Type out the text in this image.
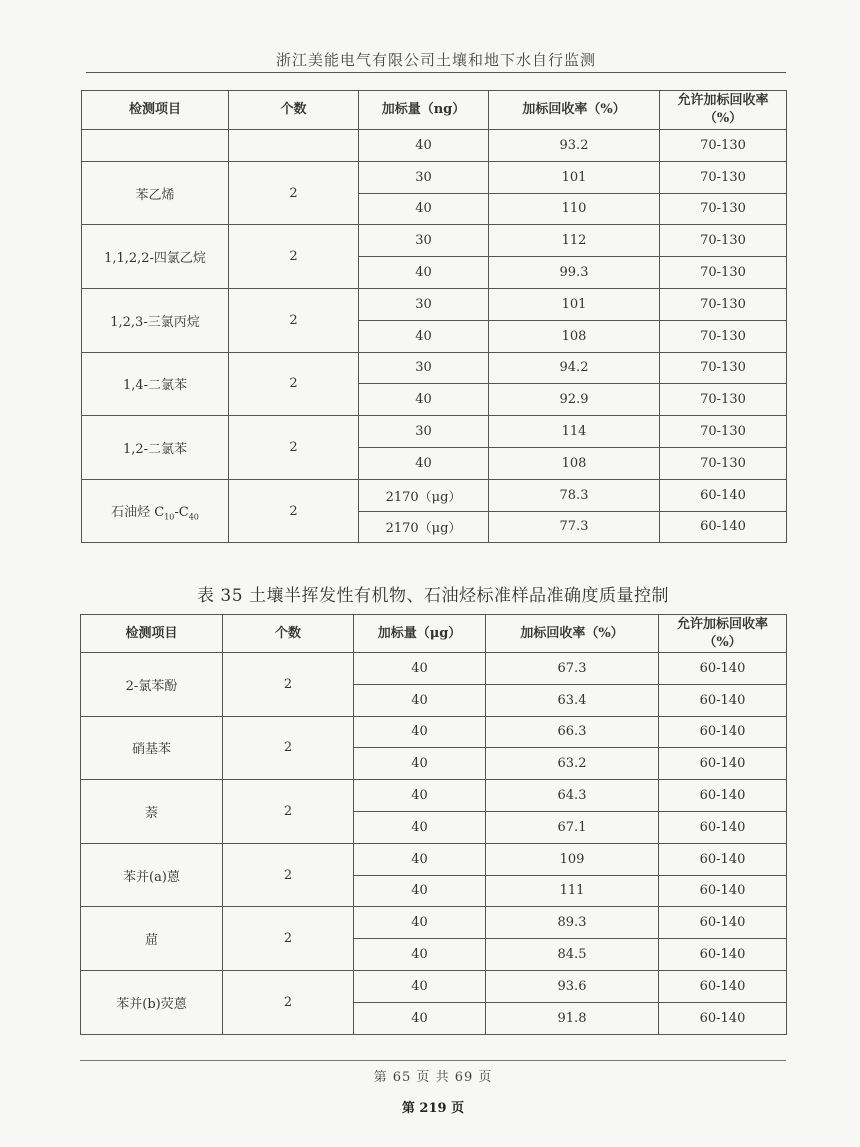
浙江美能电气有限公司土壤和地下水自行监测
检测项目	个数	加标量（ng）	加标回收率（%）	允许加标回收率
（%）

		40	93.2	70-130
苯乙烯	2	30	101	70-130
		40	110	70-130
1,1,2,2-四氯乙烷	2	30	112	70-130
		40	99.3	70-130
1,2,3-三氯丙烷	2	30	101	70-130
		40	108	70-130
1,4-二氯苯	2	30	94.2	70-130
		40	92.9	70-130
1,2-二氯苯	2	30	114	70-130
		40	108	70-130
石油烃 $C_{10}-C_{40}$	2	2170（μg）	78.3	60-140
		2170（μg）	77.3	60-140
表 35 土壤半挥发性有机物、石油烃标准样品准确度质量控制
检测项目	个数	加标量（μg）	加标回收率（%）	允许加标回收率
（%）

2-氯苯酚	2	40	67.3	60-140
		40	63.4	60-140
硝基苯	2	40	66.3	60-140
		40	63.2	60-140
萘	2	40	64.3	60-140
		40	67.1	60-140
苯并(a)蒽	2	40	109	60-140
		40	111	60-140
䓛	2	40	89.3	60-140
		40	84.5	60-140
苯并(b)荧蒽	2	40	93.6	60-140
		40	91.8	60-140
第 65 页 共 69 页
第 219 页
